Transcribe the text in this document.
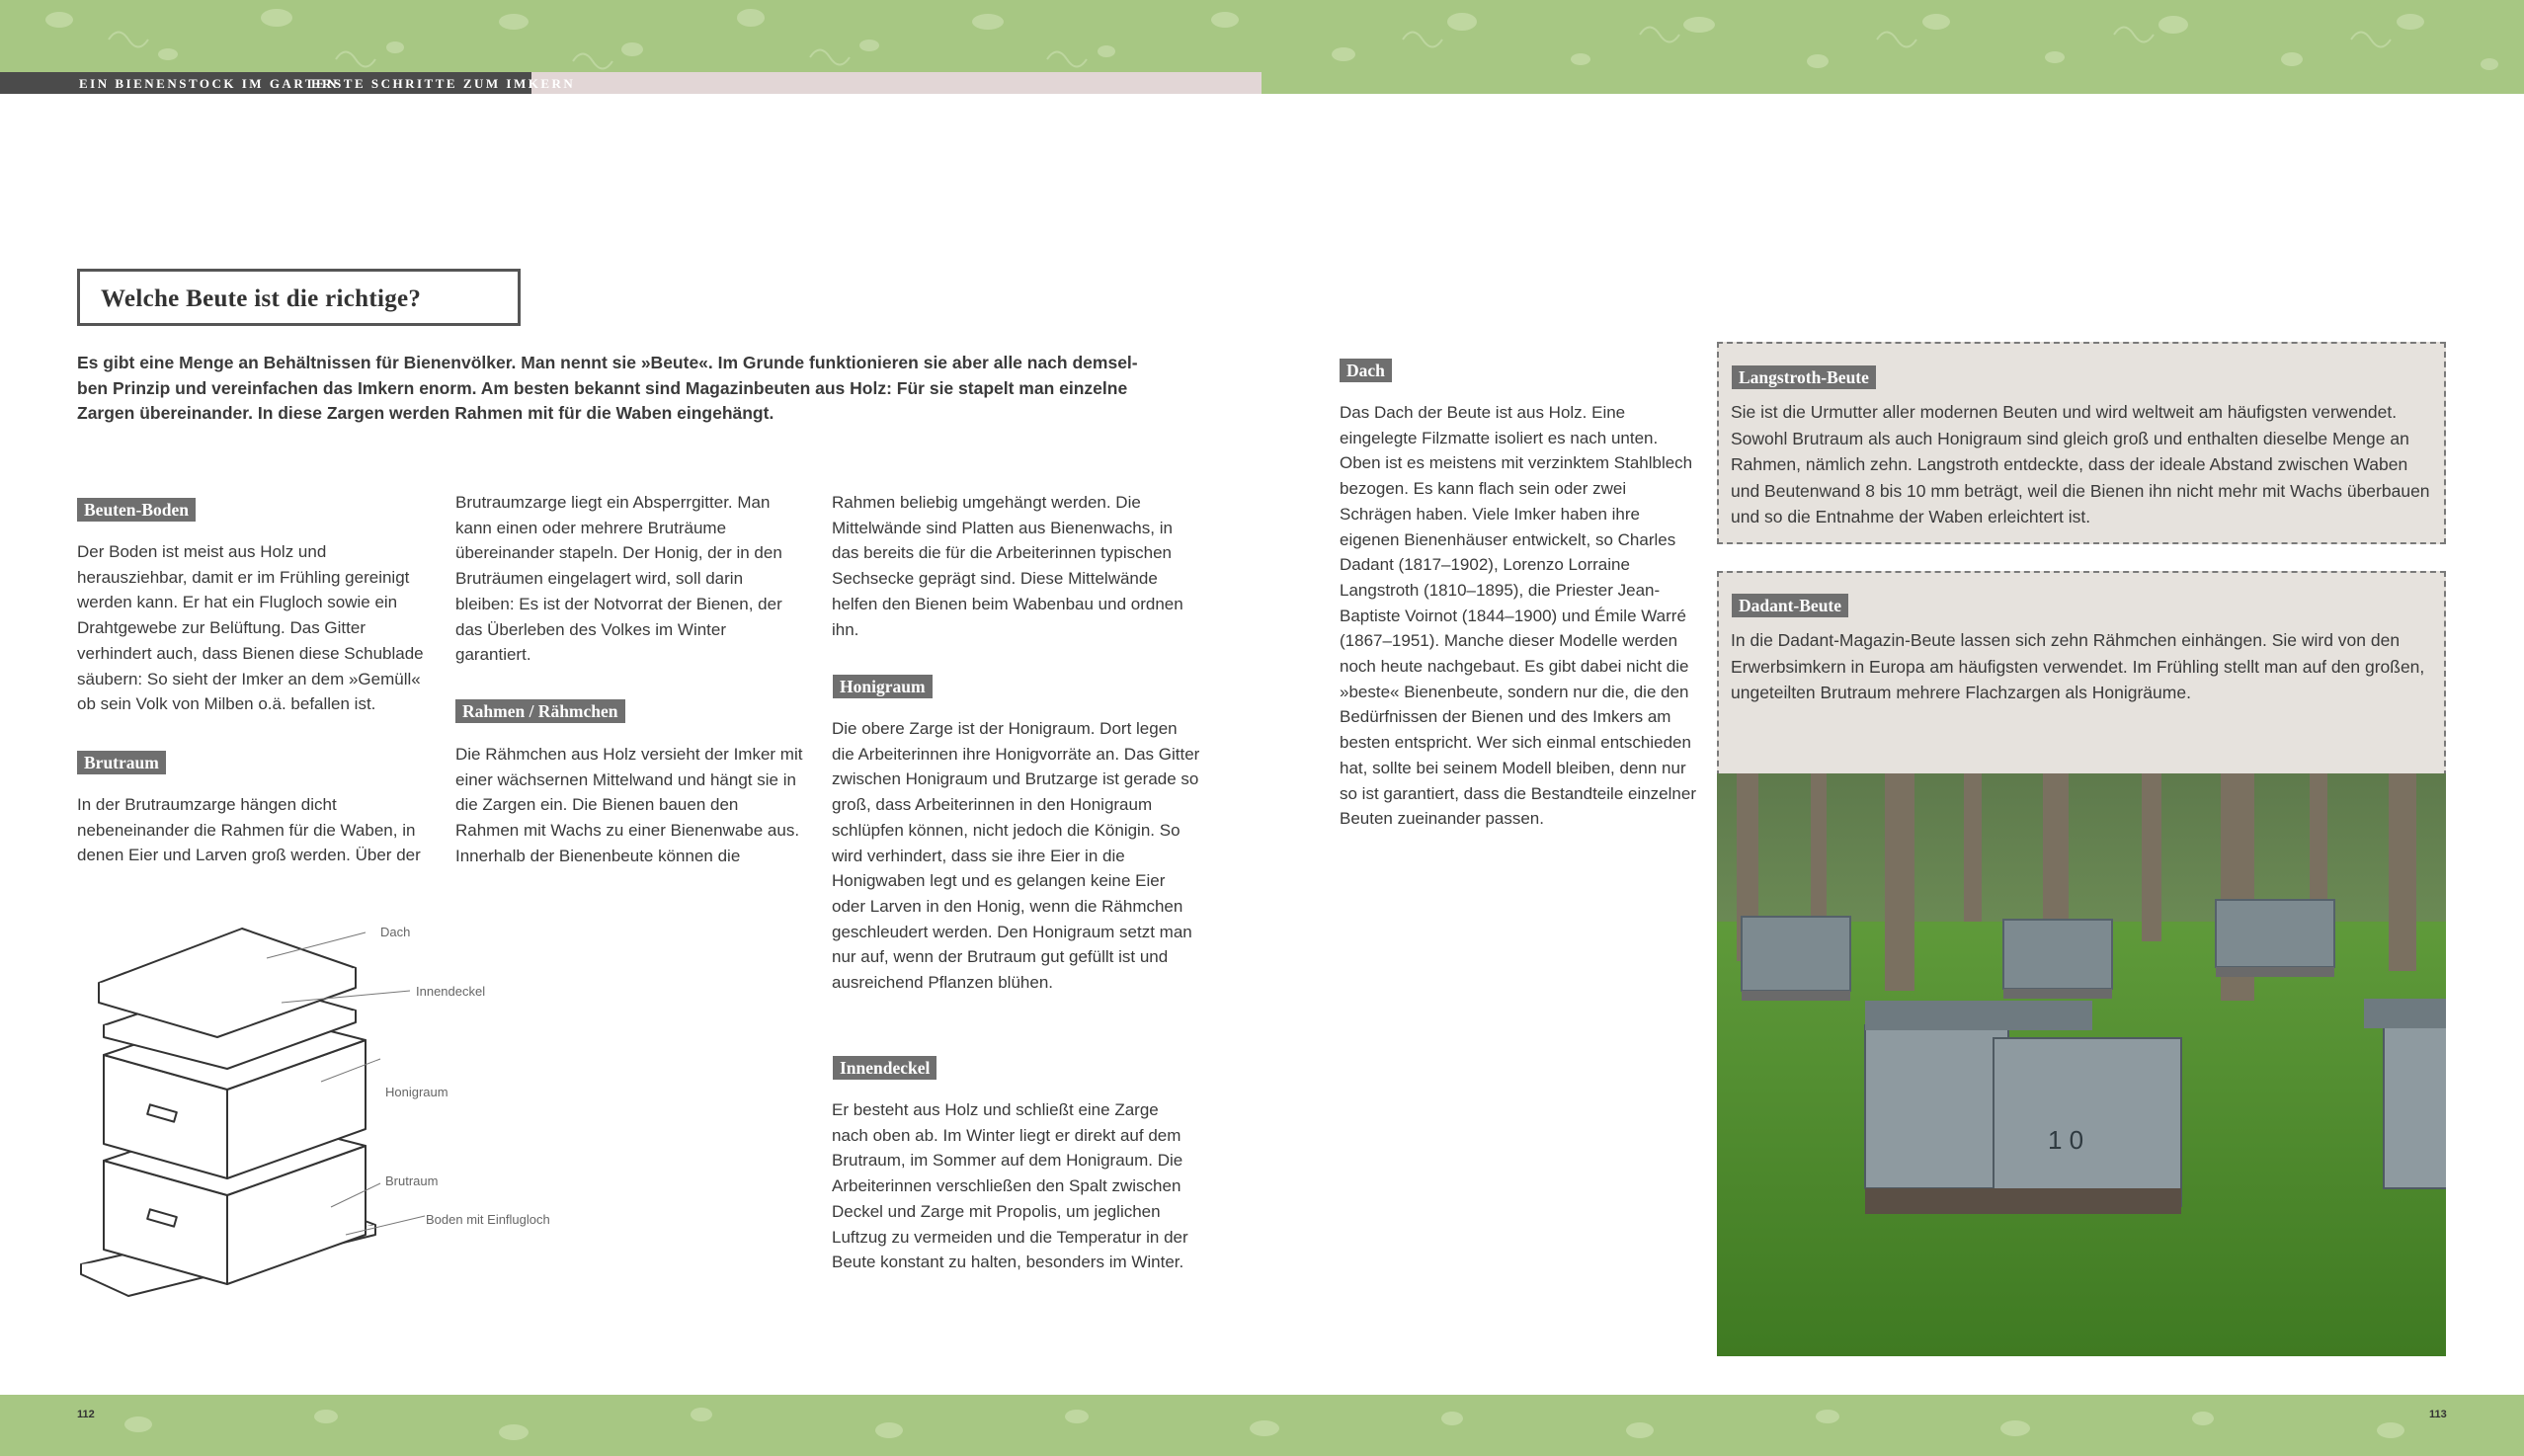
EIN BIENENSTOCK IM GARTEN
ERSTE SCHRITTE ZUM IMKERN
Welche Beute ist die richtige?

Es gibt eine Menge an Behältnissen für Bienenvölker. Man nennt sie »Beute«. Im Grunde funktionieren sie aber alle nach demsel-ben Prinzip und vereinfachen das Imkern enorm. Am besten bekannt sind Magazinbeuten aus Holz: Für sie stapelt man einzelne Zargen übereinander. In diese Zargen werden Rahmen mit für die Waben eingehängt.

Beuten-Boden

Der Boden ist meist aus Holz und herausziehbar, damit er im Frühling gereinigt werden kann. Er hat ein Flugloch sowie ein Drahtgewebe zur Belüftung. Das Gitter verhindert auch, dass Bienen diese Schublade säubern: So sieht der Imker an dem »Gemüll« ob sein Volk von Milben o.ä. befallen ist.

Brutraum

In der Brutraumzarge hängen dicht nebeneinander die Rahmen für die Waben, in denen Eier und Larven groß werden. Über der

Dach
Innendeckel
Honigraum
Brutraum
Boden mit Einflugloch

Brutraumzarge liegt ein Absperrgitter. Man kann einen oder mehrere Bruträume übereinander stapeln. Der Honig, der in den Bruträumen eingelagert wird, soll darin bleiben: Es ist der Notvorrat der Bienen, der das Überleben des Volkes im Winter garantiert.

Rahmen / Rähmchen

Die Rähmchen aus Holz versieht der Imker mit einer wächsernen Mittelwand und hängt sie in die Zargen ein. Die Bienen bauen den Rahmen mit Wachs zu einer Bienenwabe aus. Innerhalb der Bienenbeute können die

Rahmen beliebig umgehängt werden. Die Mittelwände sind Platten aus Bienenwachs, in das bereits die für die Arbeiterinnen typischen Sechsecke geprägt sind. Diese Mittelwände helfen den Bienen beim Wabenbau und ordnen ihn.

Honigraum

Die obere Zarge ist der Honigraum. Dort legen die Arbeiterinnen ihre Honigvorräte an. Das Gitter zwischen Honigraum und Brutzarge ist gerade so groß, dass Arbeiterinnen in den Honigraum schlüpfen können, nicht jedoch die Königin. So wird verhindert, dass sie ihre Eier in die Honigwaben legt und es gelangen keine Eier oder Larven in den Honig, wenn die Rähmchen geschleudert werden. Den Honigraum setzt man nur auf, wenn der Brutraum gut gefüllt ist und ausreichend Pflanzen blühen.

Innendeckel

Er besteht aus Holz und schließt eine Zarge nach oben ab. Im Winter liegt er direkt auf dem Brutraum, im Sommer auf dem Honigraum. Die Arbeiterinnen verschließen den Spalt zwischen Deckel und Zarge mit Propolis, um jeglichen Luftzug zu vermeiden und die Temperatur in der Beute konstant zu halten, besonders im Winter.

Dach

Das Dach der Beute ist aus Holz. Eine eingelegte Filzmatte isoliert es nach unten. Oben ist es meistens mit verzinktem Stahlblech bezogen. Es kann flach sein oder zwei Schrägen haben. Viele Imker haben ihre eigenen Bienenhäuser entwickelt, so Charles Dadant (1817–1902), Lorenzo Lorraine Langstroth (1810–1895), die Priester Jean-Baptiste Voirnot (1844–1900) und Émile Warré (1867–1951). Manche dieser Modelle werden noch heute nachgebaut. Es gibt dabei nicht die »beste« Bienenbeute, sondern nur die, die den Bedürfnissen der Bienen und des Imkers am besten entspricht. Wer sich einmal entschieden hat, sollte bei seinem Modell bleiben, denn nur so ist garantiert, dass die Bestandteile einzelner Beuten zueinander passen.

Langstroth-Beute

Sie ist die Urmutter aller modernen Beuten und wird weltweit am häufigsten verwendet. Sowohl Brutraum als auch Honigraum sind gleich groß und enthalten dieselbe Menge an Rahmen, nämlich zehn. Langstroth entdeckte, dass der ideale Abstand zwischen Waben und Beutenwand 8 bis 10 mm beträgt, weil die Bienen ihn nicht mehr mit Wachs überbauen und so die Entnahme der Waben erleichtert ist.

Dadant-Beute

In die Dadant-Magazin-Beute lassen sich zehn Rähmchen einhängen. Sie wird von den Erwerbsimkern in Europa am häufigsten verwendet. Im Frühling stellt man auf den großen, ungeteilten Brutraum mehrere Flachzargen als Honigräume.

1 0
112	113
